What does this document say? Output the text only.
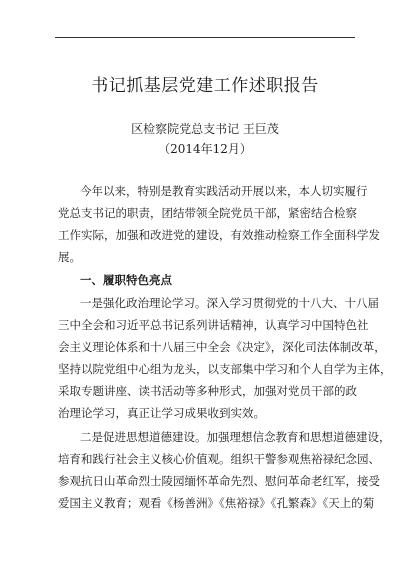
书记抓基层党建工作述职报告
区检察院党总支书记 王巨茂
（2014年12月）
今年以来，特别是教育实践活动开展以来，本人切实履行
党总支书记的职责，团结带领全院党员干部，紧密结合检察
工作实际，加强和改进党的建设，有效推动检察工作全面科学发
展。
一、履职特色亮点
一是强化政治理论学习。深入学习贯彻党的十八大、十八届
三中全会和习近平总书记系列讲话精神，认真学习中国特色社
会主义理论体系和十八届三中全会《决定》，深化司法体制改革，
坚持以院党组中心组为龙头，以支部集中学习和个人自学为主体，
采取专题讲座、读书活动等多种形式，加强对党员干部的政
治理论学习，真正让学习成果收到实效。
二是促进思想道德建设。加强理想信念教育和思想道德建设，
培育和践行社会主义核心价值观。组织干警参观焦裕禄纪念园、
参观抗日山革命烈士陵园缅怀革命先烈、慰问革命老红军，接受
爱国主义教育；观看《杨善洲》《焦裕禄》《孔繁森》《天上的菊
